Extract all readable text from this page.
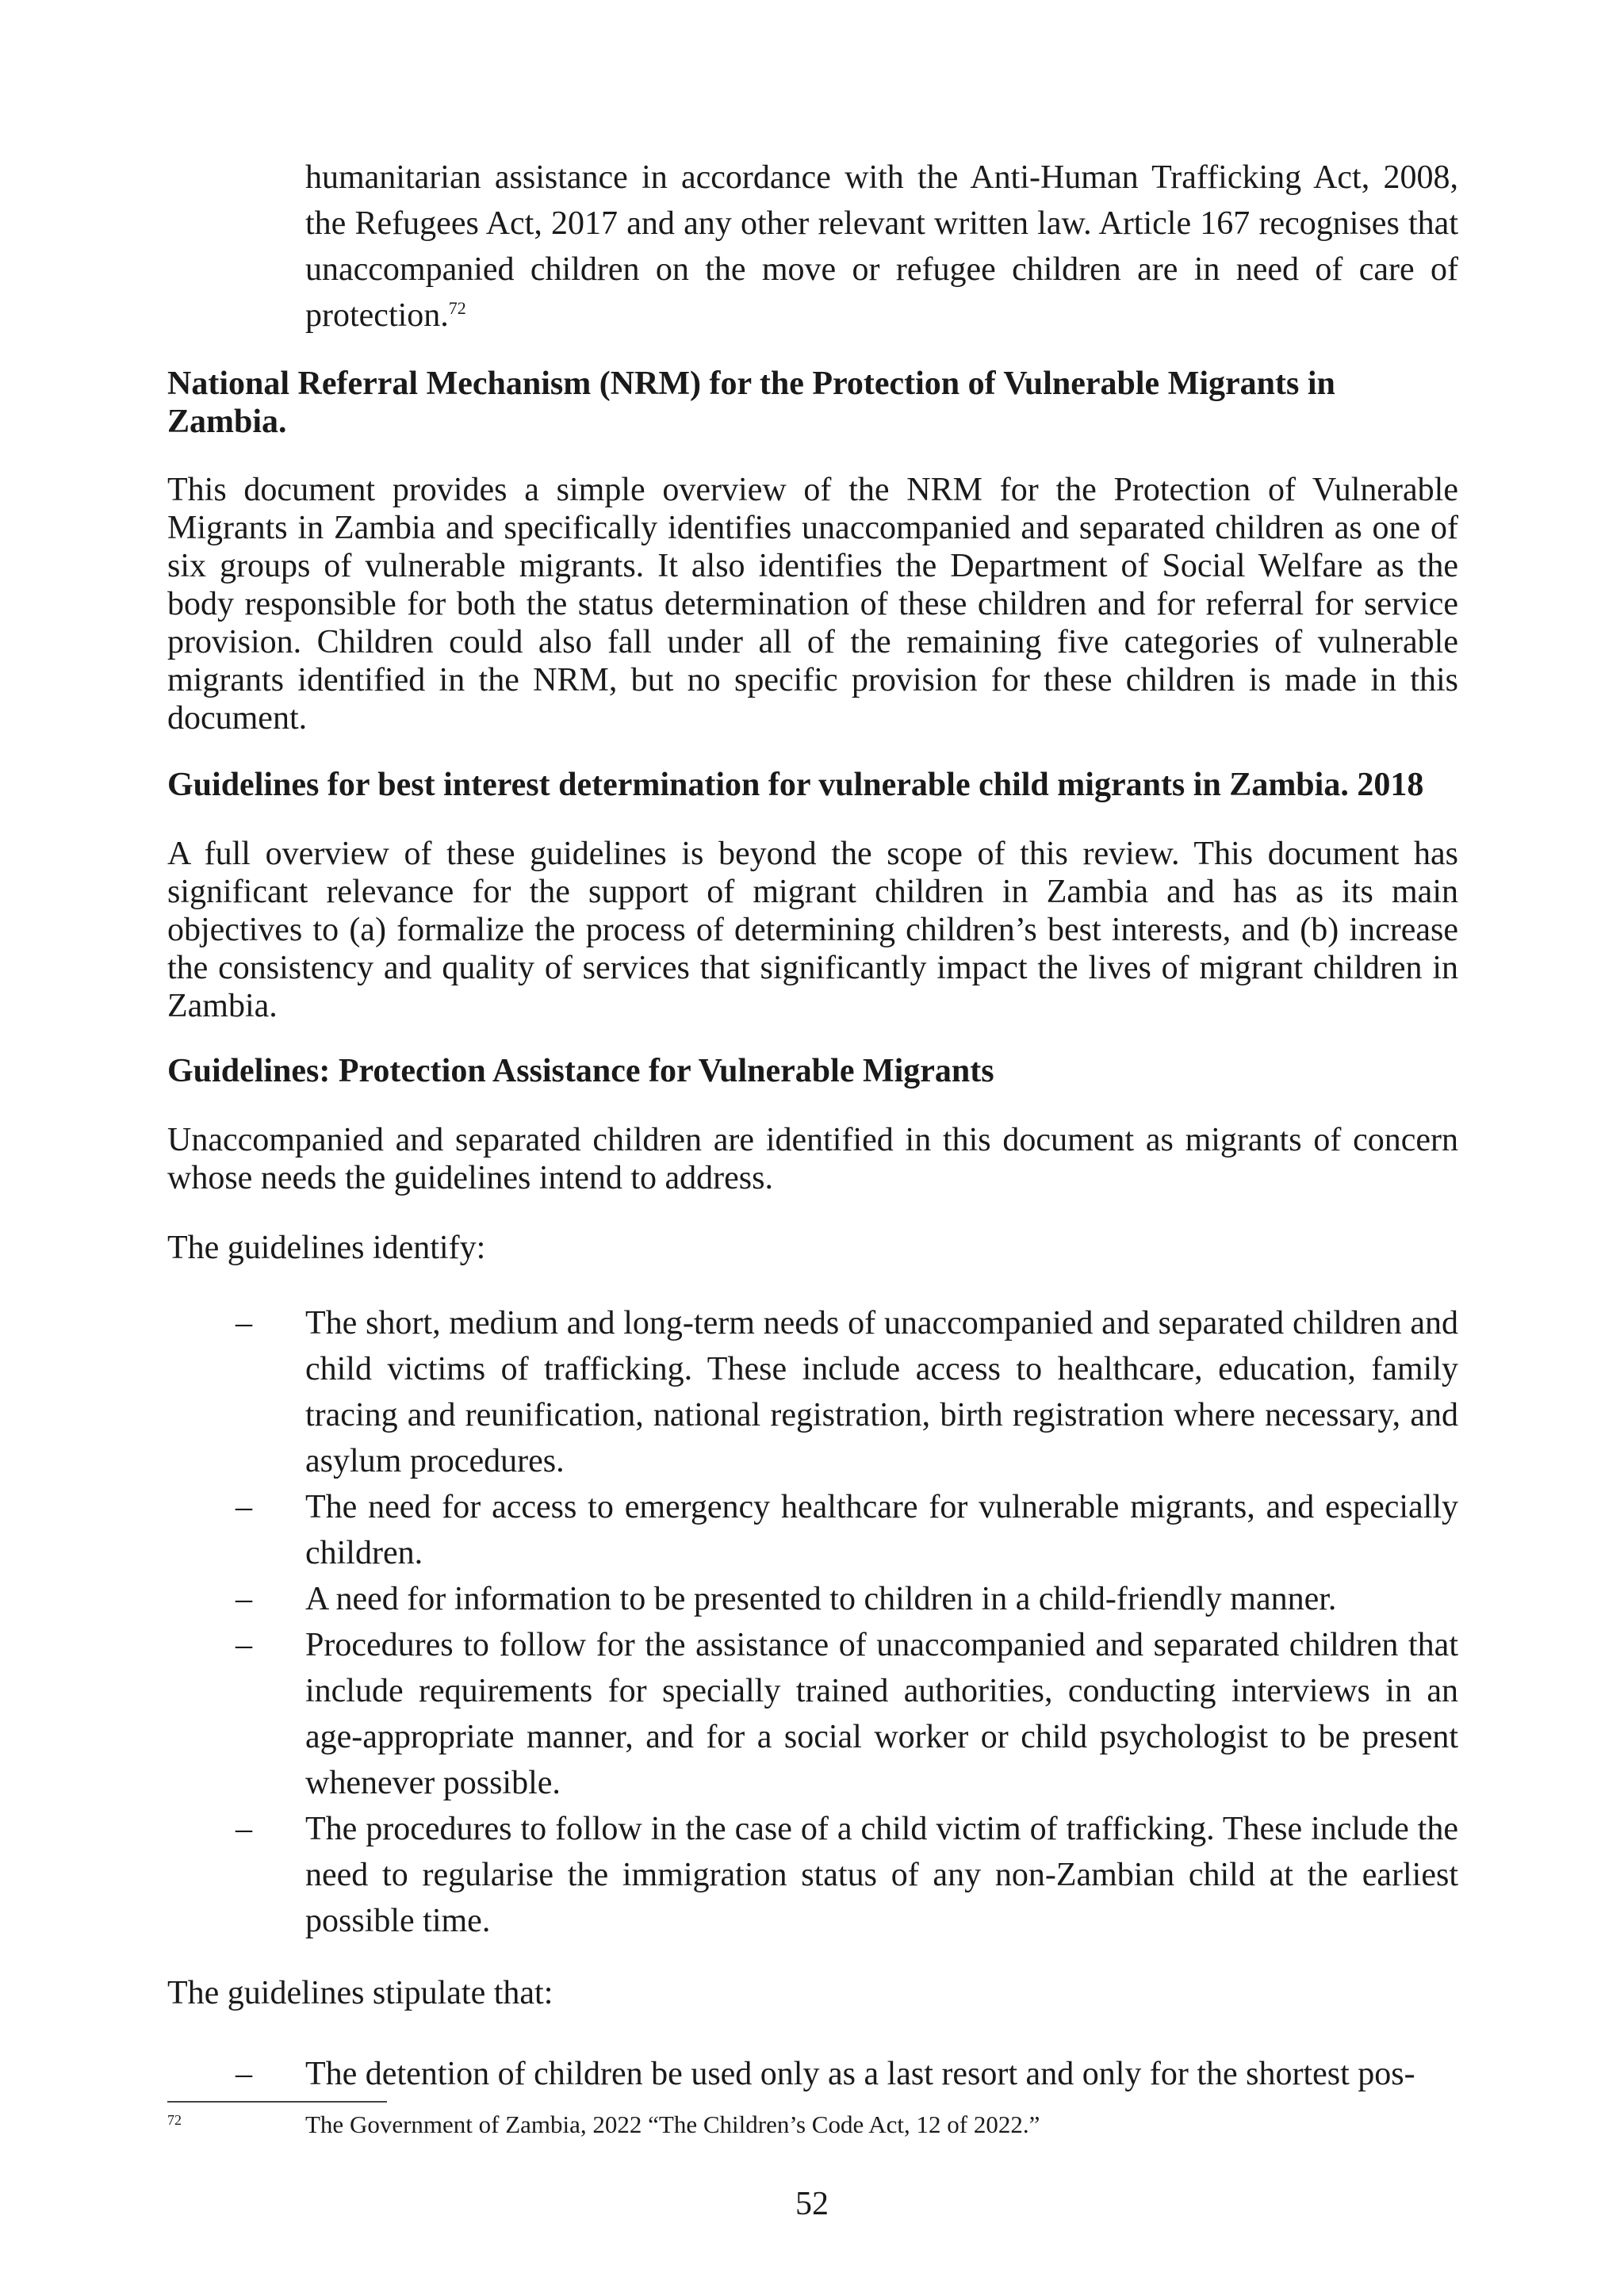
humanitarian assistance in accordance with the Anti-Human Trafficking Act, 2008, the Refugees Act, 2017 and any other relevant written law. Article 167 recognises that unaccompanied children on the move or refugee children are in need of care of protection.$^{72}$

National Referral Mechanism (NRM) for the Protection of Vulnerable Migrants in Zambia.

This document provides a simple overview of the NRM for the Protection of Vulnerable Migrants in Zambia and specifically identifies unaccompanied and separated children as one of six groups of vulnerable migrants. It also identifies the Department of Social Welfare as the body responsible for both the status determination of these children and for referral for service provision. Children could also fall under all of the remaining five categories of vulnerable migrants identified in the NRM, but no specific provision for these children is made in this document.

Guidelines for best interest determination for vulnerable child migrants in Zambia. 2018

A full overview of these guidelines is beyond the scope of this review. This document has significant relevance for the support of migrant children in Zambia and has as its main objectives to (a) formalize the process of determining children’s best interests, and (b) increase the consistency and quality of services that significantly impact the lives of migrant children in Zambia.

Guidelines: Protection Assistance for Vulnerable Migrants

Unaccompanied and separated children are identified in this document as migrants of concern whose needs the guidelines intend to address.

The guidelines identify:

– The short, medium and long-term needs of unaccompanied and separated children and child victims of trafficking. These include access to healthcare, education, family tracing and reunification, national registration, birth registration where necessary, and asylum procedures.
– The need for access to emergency healthcare for vulnerable migrants, and especially children.
– A need for information to be presented to children in a child-friendly manner.
– Procedures to follow for the assistance of unaccompanied and separated children that include requirements for specially trained authorities, conducting interviews in an age-appropriate manner, and for a social worker or child psychologist to be present whenever possible.
– The procedures to follow in the case of a child victim of trafficking. These include the need to regularise the immigration status of any non-Zambian child at the earliest possible time.

The guidelines stipulate that:

– The detention of children be used only as a last resort and only for the shortest pos-

72	The Government of Zambia, 2022 “The Children’s Code Act, 12 of 2022.”

52
